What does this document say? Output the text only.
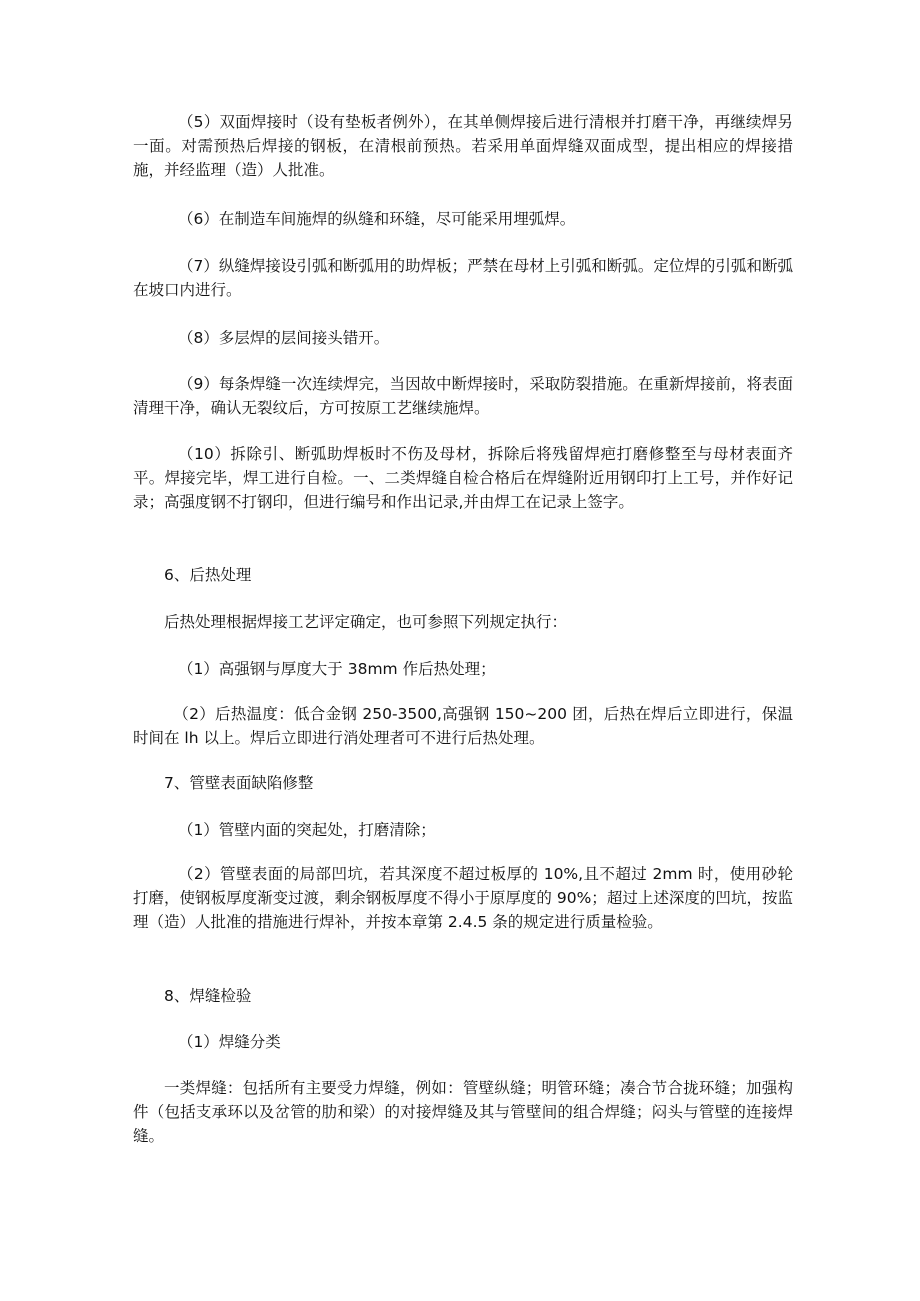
（5）双面焊接时（设有垫板者例外），在其单侧焊接后进行清根并打磨干净，再继续焊另一面。对需预热后焊接的钢板，在清根前预热。若采用单面焊缝双面成型，提出相应的焊接措施，并经监理（造）人批准。

（6）在制造车间施焊的纵缝和环缝，尽可能采用埋弧焊。

（7）纵缝焊接设引弧和断弧用的助焊板；严禁在母材上引弧和断弧。定位焊的引弧和断弧在坡口内进行。

（8）多层焊的层间接头错开。

（9）每条焊缝一次连续焊完，当因故中断焊接时，采取防裂措施。在重新焊接前，将表面清理干净，确认无裂纹后，方可按原工艺继续施焊。

（10）拆除引、断弧助焊板时不伤及母材，拆除后将残留焊疤打磨修整至与母材表面齐平。焊接完毕，焊工进行自检。一、二类焊缝自检合格后在焊缝附近用钢印打上工号，并作好记录；高强度钢不打钢印，但进行编号和作出记录,并由焊工在记录上签字。

6、后热处理

后热处理根据焊接工艺评定确定，也可参照下列规定执行：

（1）高强钢与厚度大于 38mm 作后热处理；

（2）后热温度：低合金钢 250-3500,高强钢 150~200 团，后热在焊后立即进行，保温时间在 lh 以上。焊后立即进行消处理者可不进行后热处理。

7、管壁表面缺陷修整

（1）管壁内面的突起处，打磨清除；

（2）管壁表面的局部凹坑，若其深度不超过板厚的 10%,且不超过 2mm 时，使用砂轮打磨，使钢板厚度渐变过渡，剩余钢板厚度不得小于原厚度的 90%；超过上述深度的凹坑，按监理（造）人批准的措施进行焊补，并按本章第 2.4.5 条的规定进行质量检验。

8、焊缝检验

（1）焊缝分类

一类焊缝：包括所有主要受力焊缝，例如：管壁纵缝；明管环缝；凑合节合拢环缝；加强构件（包括支承环以及岔管的肋和梁）的对接焊缝及其与管壁间的组合焊缝；闷头与管壁的连接焊缝。
